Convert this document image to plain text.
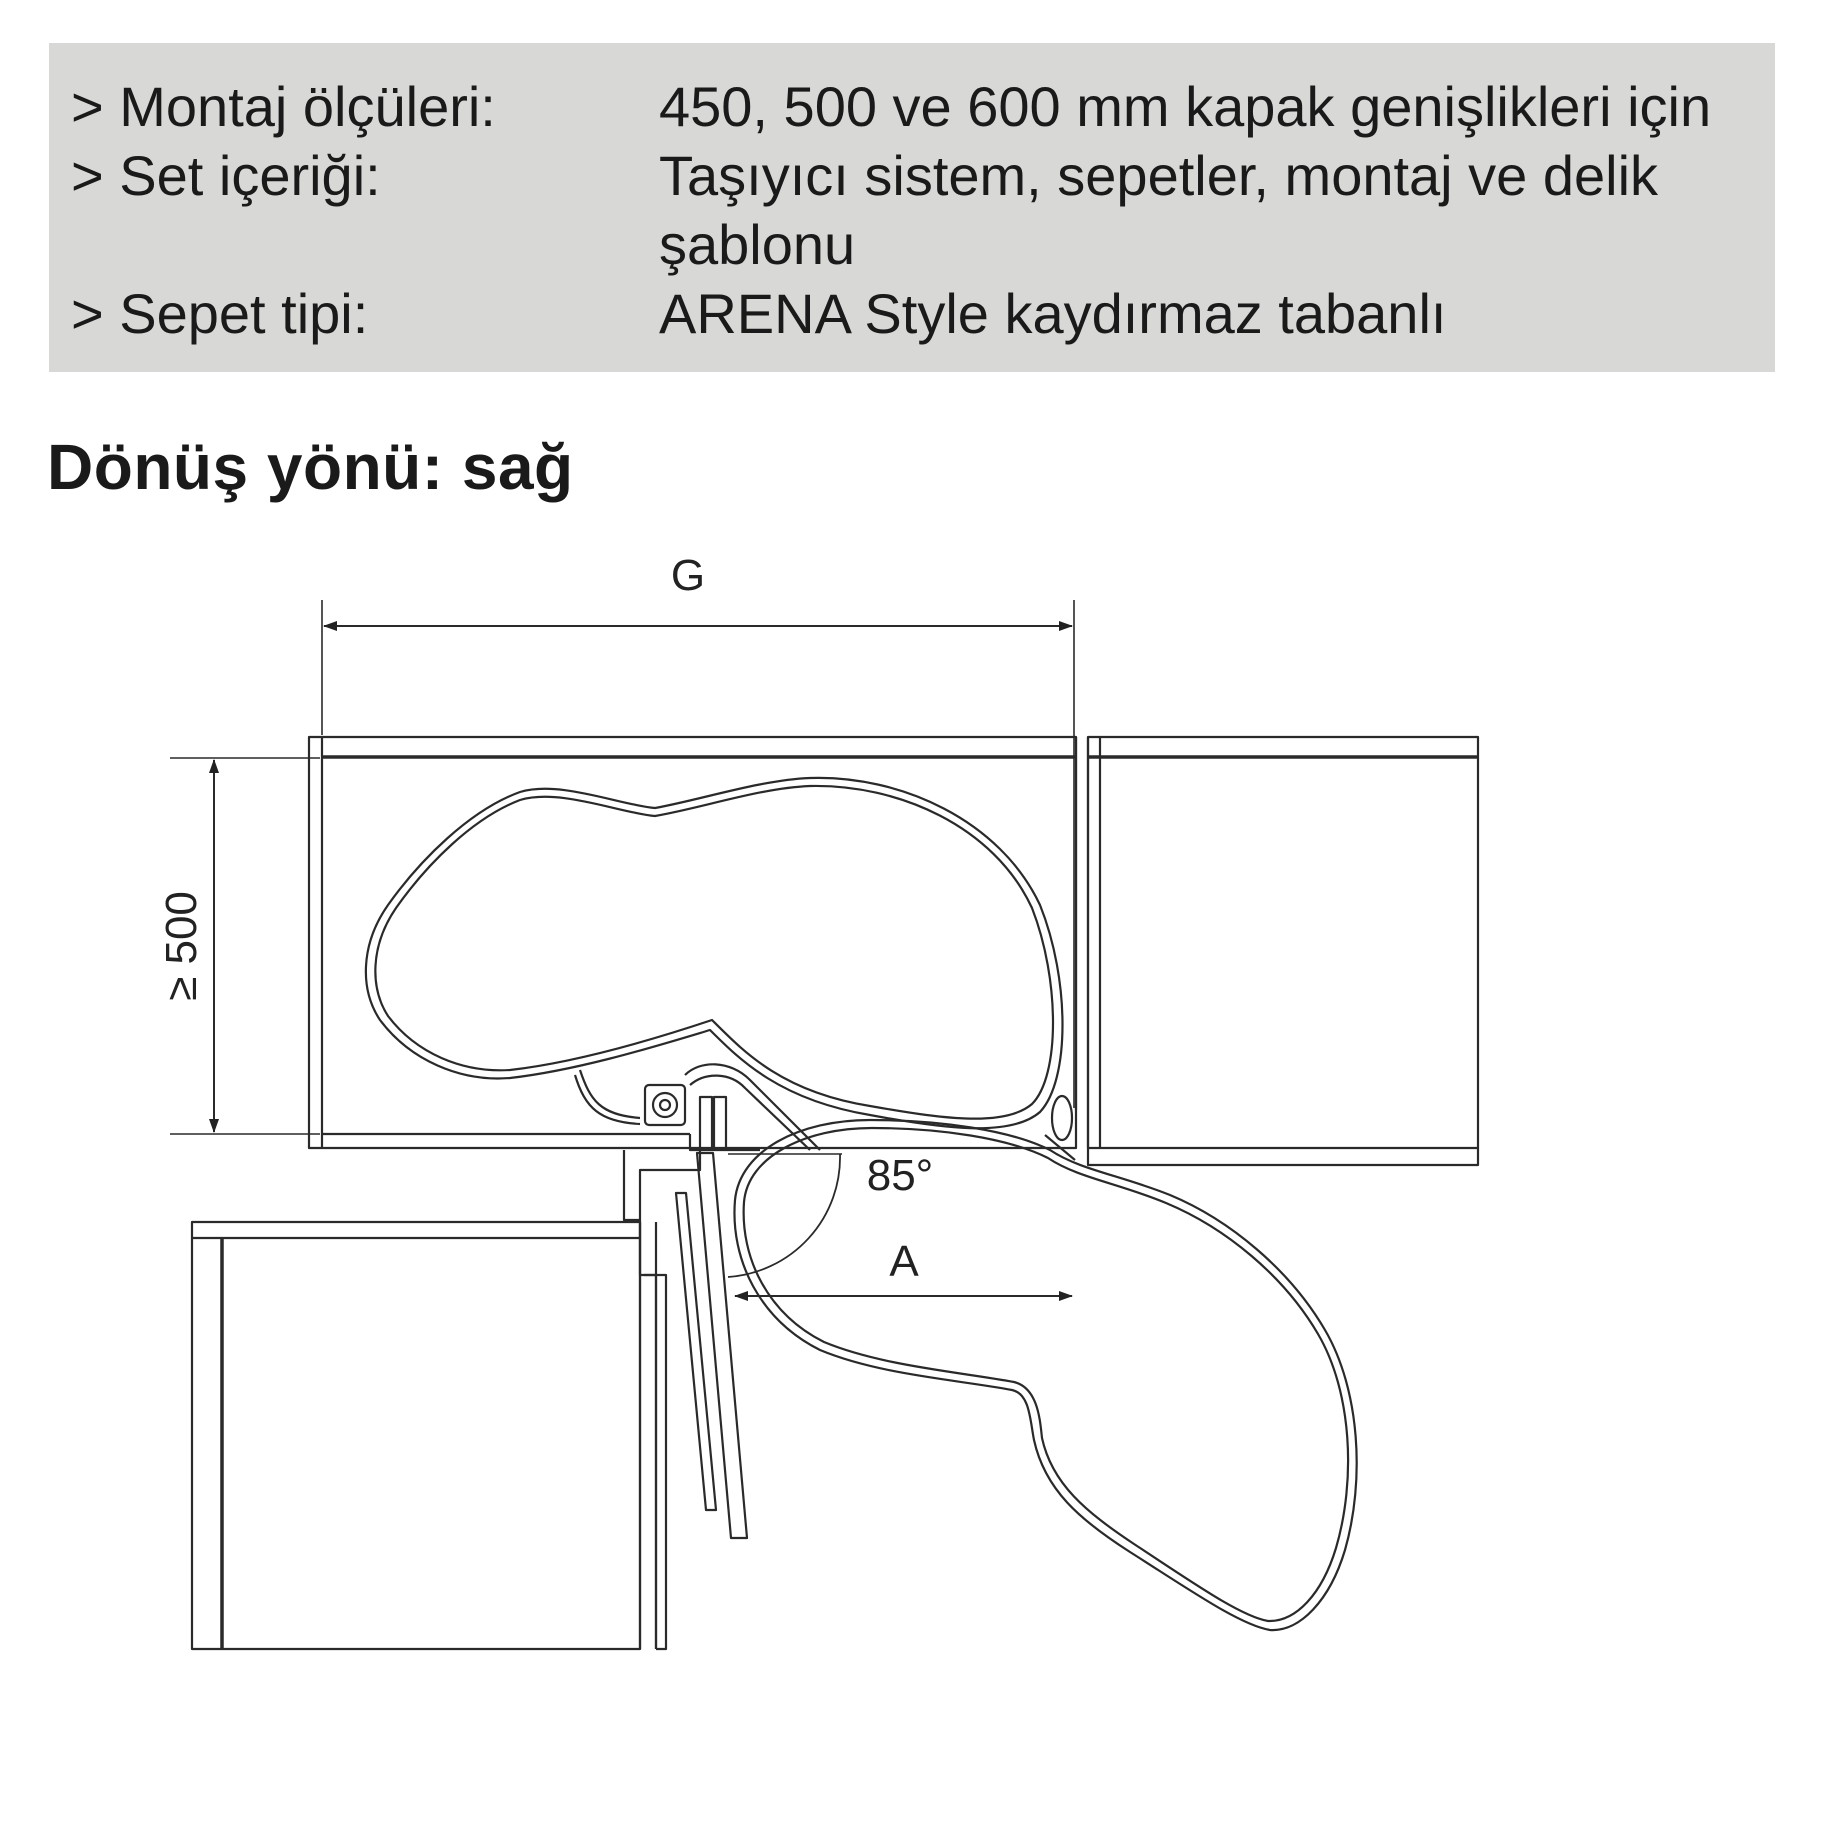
> Montaj ölçüleri:	450, 500 ve 600 mm kapak genişlikleri için
> Set içeriği:	Taşıyıcı sistem, sepetler, montaj ve delik şablonu
> Sepet tipi:	ARENA Style kaydırmaz tabanlı
Dönüş yönü: sağ
G
≥ 500
85°
A
